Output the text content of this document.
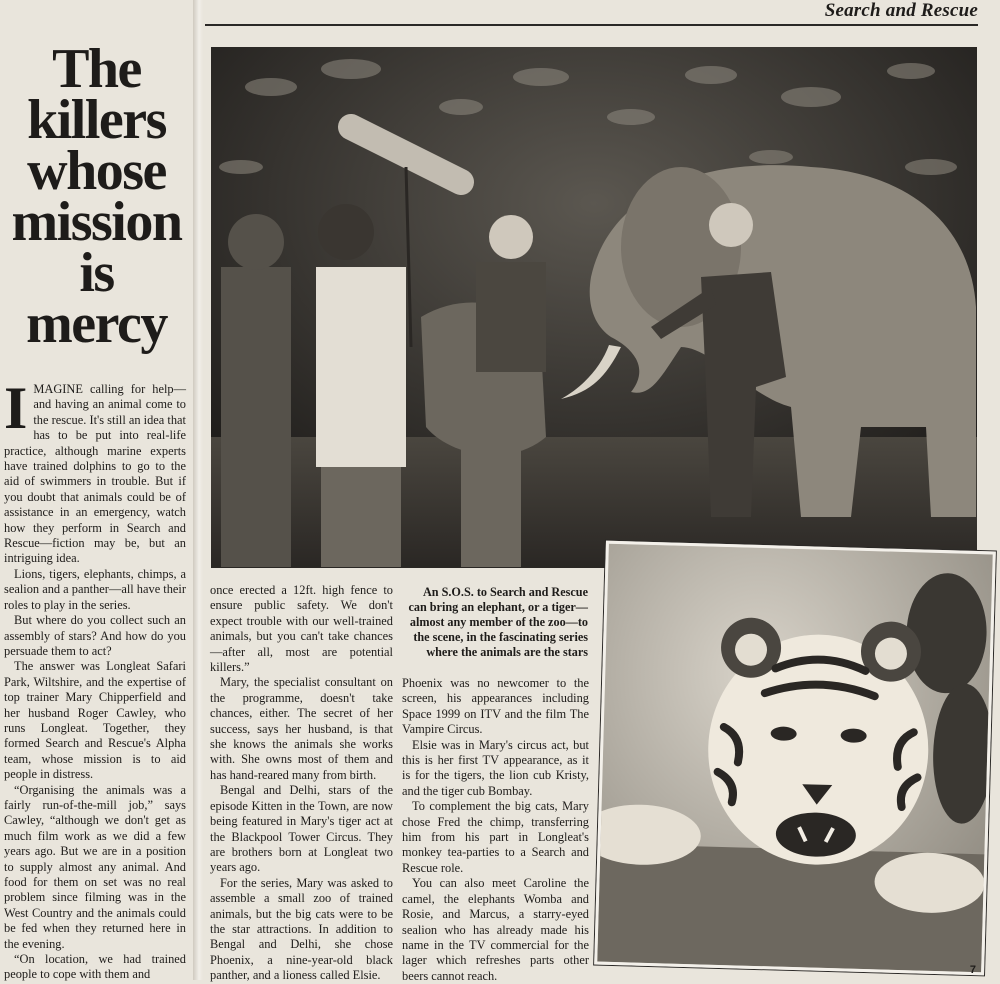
Search and Rescue
The
killers
whose
mission
is
mercy

IMAGINE calling for help—and having an animal come to the rescue. It's still an idea that has to be put into real-life practice, although marine experts have trained dolphins to go to the aid of swimmers in trouble. But if you doubt that animals could be of assistance in an emergency, watch how they perform in Search and Rescue—fiction may be, but an intriguing idea.

Lions, tigers, elephants, chimps, a sealion and a panther—all have their roles to play in the series.

But where do you collect such an assembly of stars? And how do you persuade them to act?

The answer was Longleat Safari Park, Wiltshire, and the expertise of top trainer Mary Chipperfield and her husband Roger Cawley, who runs Longleat. Together, they formed Search and Rescue's Alpha team, whose mission is to aid people in distress.

“Organising the animals was a fairly run-of-the-mill job,” says Cawley, “although we don't get as much film work as we did a few years ago. But we are in a position to supply almost any animal. And food for them on set was no real problem since filming was in the West Country and the animals could be fed when they returned here in the evening.

“On location, we had trained people to cope with them and

An S.O.S. to Search and Rescue can bring an elephant, or a tiger—almost any member of the zoo—to the scene, in the fascinating series where the animals are the stars

once erected a 12ft. high fence to ensure public safety. We don't expect trouble with our well-trained animals, but you can't take chances—after all, most are potential killers.”

Mary, the specialist consultant on the programme, doesn't take chances, either. The secret of her success, says her husband, is that she knows the animals she works with. She owns most of them and has hand-reared many from birth.

Bengal and Delhi, stars of the episode Kitten in the Town, are now being featured in Mary's tiger act at the Blackpool Tower Circus. They are brothers born at Longleat two years ago.

For the series, Mary was asked to assemble a small zoo of trained animals, but the big cats were to be the star attractions. In addition to Bengal and Delhi, she chose Phoenix, a nine-year-old black panther, and a lioness called Elsie.

Phoenix was no newcomer to the screen, his appearances including Space 1999 on ITV and the film The Vampire Circus.

Elsie was in Mary's circus act, but this is her first TV appearance, as it is for the tigers, the lion cub Kristy, and the tiger cub Bombay.

To complement the big cats, Mary chose Fred the chimp, transferring him from his part in Longleat's monkey tea-parties to a Search and Rescue role.

You can also meet Caroline the camel, the elephants Womba and Rosie, and Marcus, a starry-eyed sealion who has already made his name in the TV commercial for the lager which refreshes parts other beers cannot reach.	7
